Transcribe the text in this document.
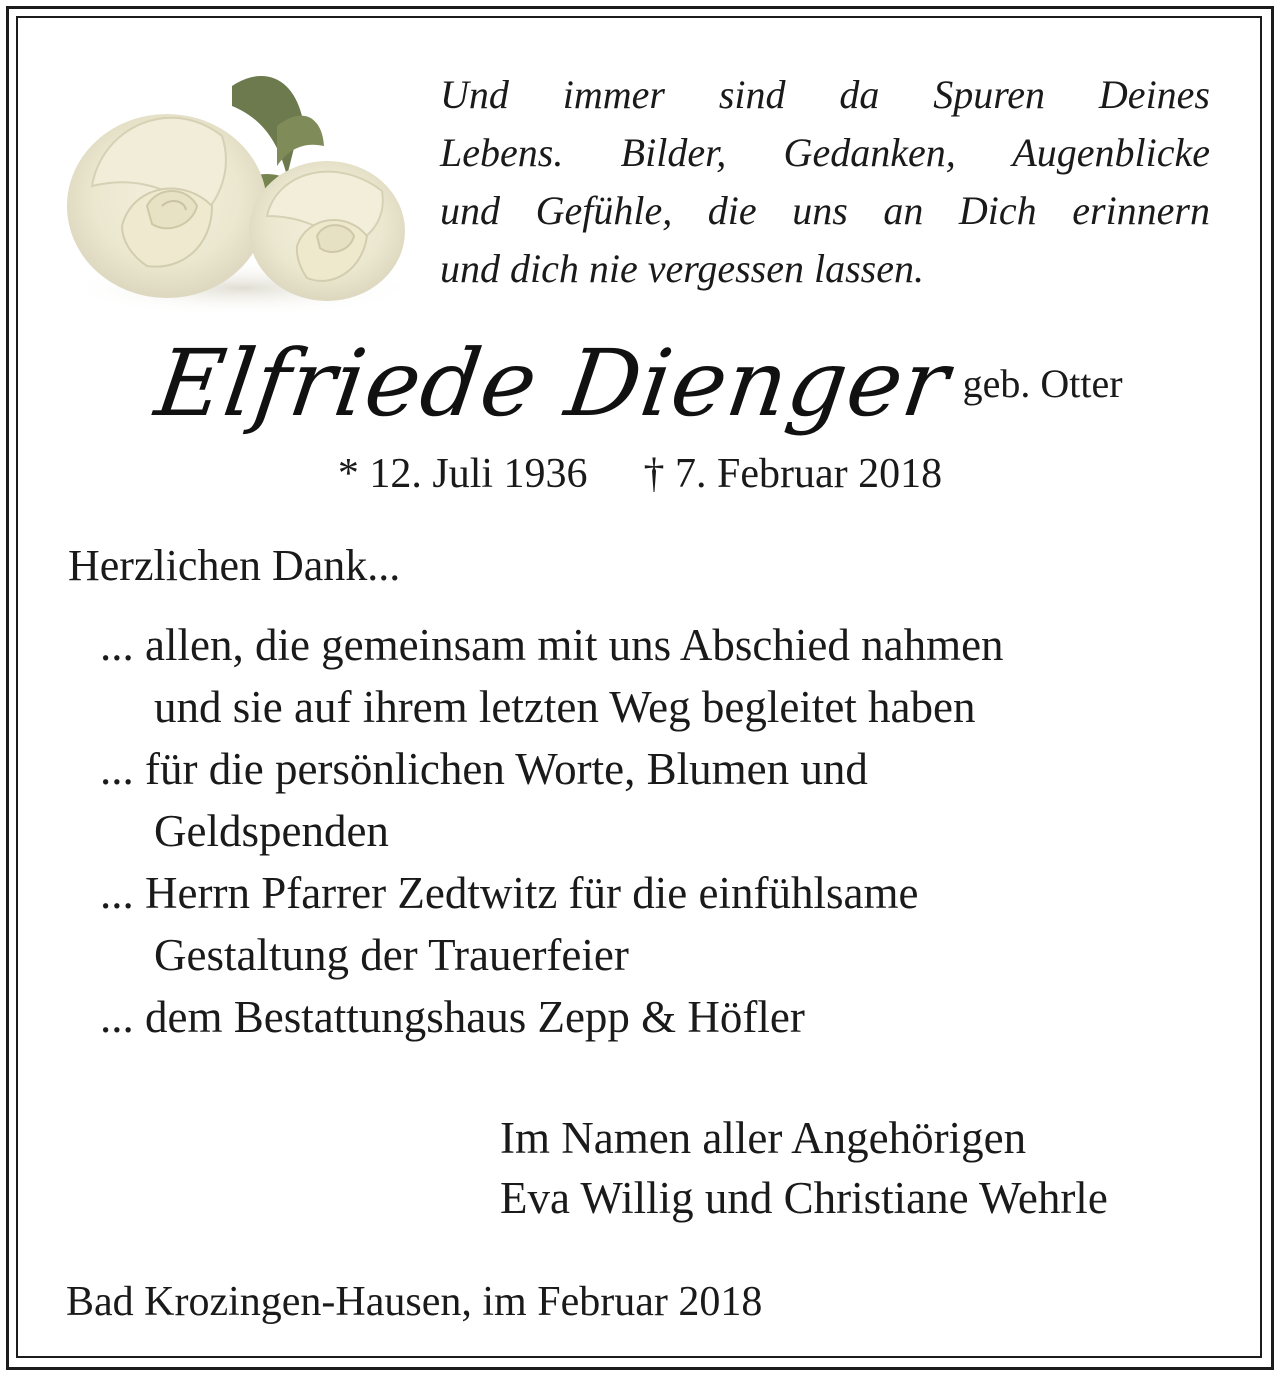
Und immer sind da Spuren Deines
Lebens. Bilder, Gedanken, Augenblicke
und Gefühle, die uns an Dich erinnern
und dich nie vergessen lassen.
Elfriede Dienger geb. Otter
* 12. Juli 1936 † 7. Februar 2018
Herzlichen Dank...
... allen, die gemeinsam mit uns Abschied nahmen
und sie auf ihrem letzten Weg begleitet haben
... für die persönlichen Worte, Blumen und
Geldspenden
... Herrn Pfarrer Zedtwitz für die einfühlsame
Gestaltung der Trauerfeier
... dem Bestattungshaus Zepp & Höfler
Im Namen aller Angehörigen
Eva Willig und Christiane Wehrle
Bad Krozingen-Hausen, im Februar 2018
